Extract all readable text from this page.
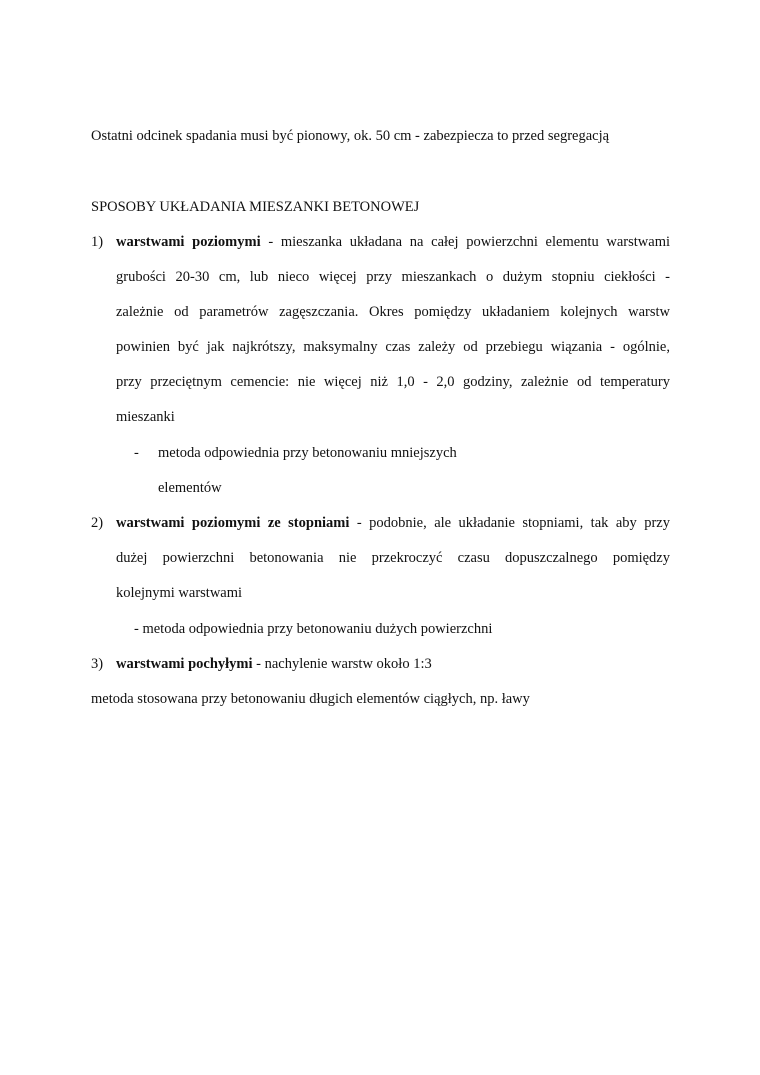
Ostatni odcinek spadania musi być pionowy, ok. 50 cm - zabezpiecza to przed segregacją
SPOSOBY UKŁADANIA MIESZANKI BETONOWEJ
1) warstwami poziomymi - mieszanka układana na całej powierzchni elementu warstwami
grubości 20-30 cm, lub nieco więcej przy mieszankach o dużym stopniu ciekłości -
zależnie od parametrów zagęszczania. Okres pomiędzy układaniem kolejnych warstw
powinien być jak najkrótszy, maksymalny czas zależy od przebiegu wiązania - ogólnie,
przy przeciętnym cemencie: nie więcej niż 1,0 - 2,0 godziny, zależnie od temperatury
mieszanki
- metoda odpowiednia przy betonowaniu mniejszych
elementów
2) warstwami poziomymi ze stopniami - podobnie, ale układanie stopniami, tak aby przy
dużej powierzchni betonowania nie przekroczyć czasu dopuszczalnego pomiędzy
kolejnymi warstwami
- metoda odpowiednia przy betonowaniu dużych powierzchni
3) warstwami pochyłymi - nachylenie warstw około 1:3
metoda stosowana przy betonowaniu długich elementów ciągłych, np. ławy
